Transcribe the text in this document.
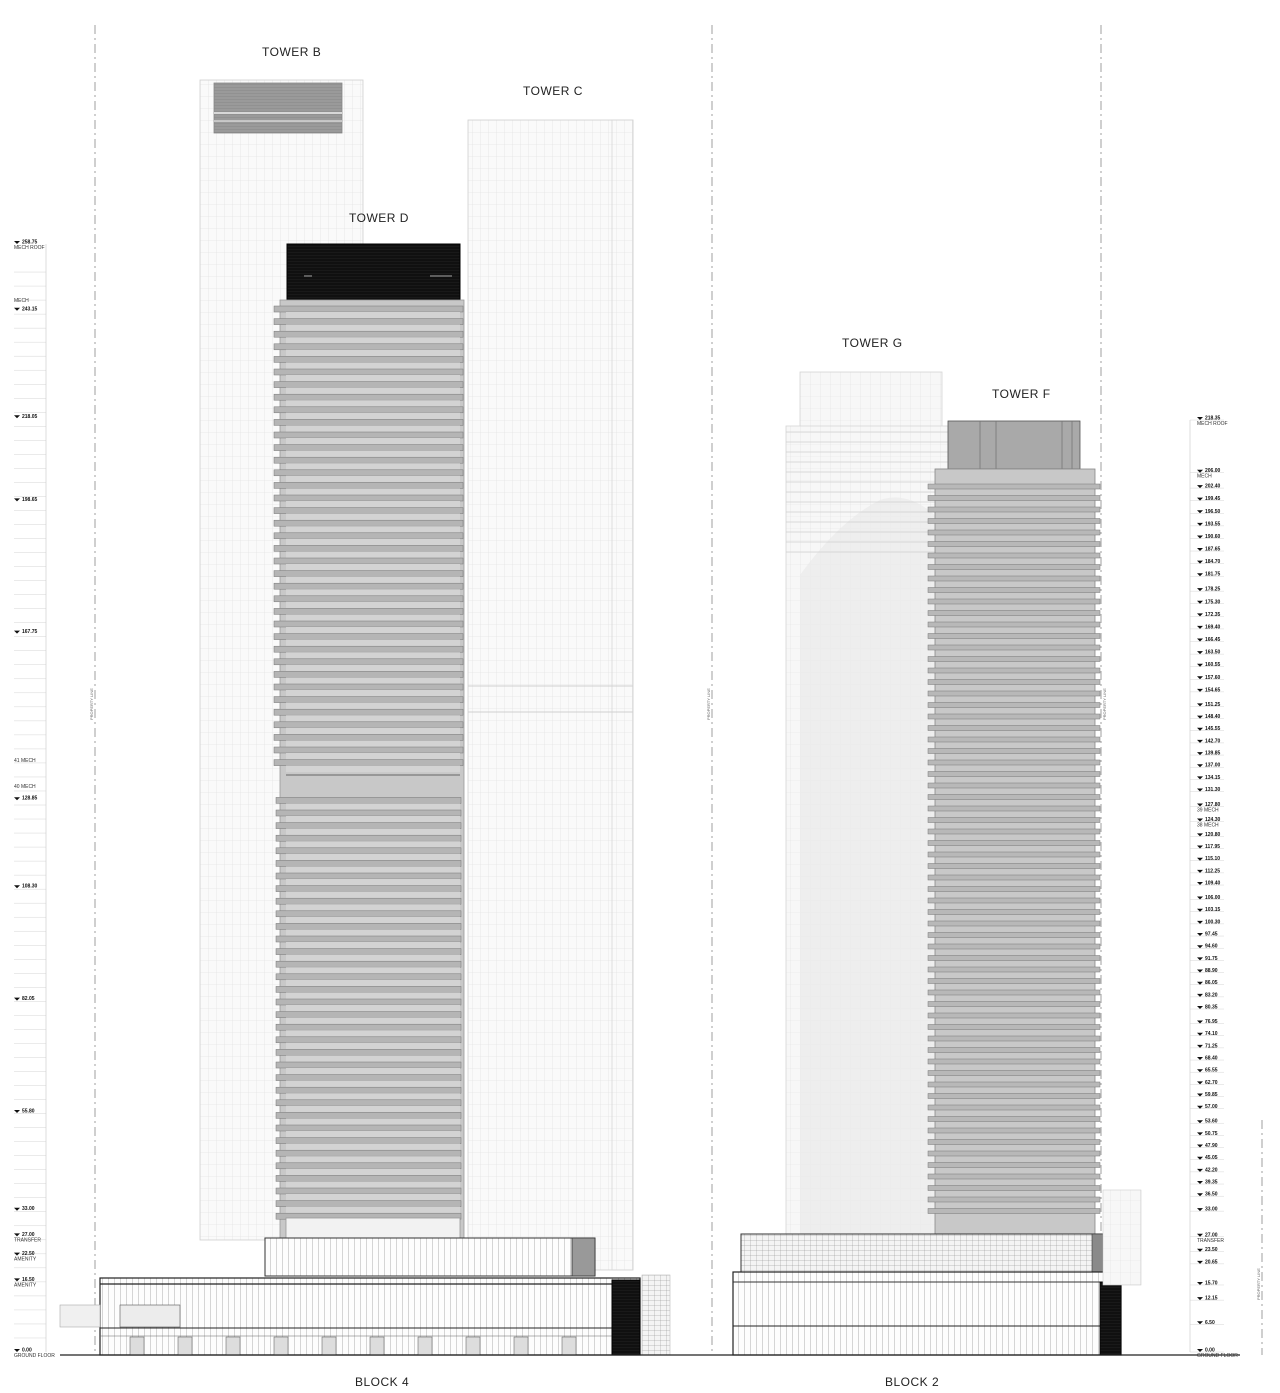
258.75
MECH ROOF
243.15
218.05
198.65
167.75
128.85
108.30
82.05
55.80
33.00
27.00
TRANSFER
22.50
AMENITY
16.50
AMENITY
0.00
GROUND FLOOR
MECH
41 MECH
40 MECH
218.35
MECH ROOF
206.00
MECH
202.40
199.45
196.50
193.55
190.60
187.65
184.70
181.75
178.25
175.30
172.35
169.40
166.45
163.50
160.55
157.60
154.65
151.25
148.40
145.55
142.70
139.85
137.00
134.15
131.30
127.80
39 MECH
124.30
38 MECH
120.80
117.95
115.10
112.25
109.40
106.00
103.15
100.30
97.45
94.60
91.75
88.90
86.05
83.20
80.35
76.95
74.10
71.25
68.40
65.55
62.70
59.85
57.00
53.60
50.75
47.90
45.05
42.20
39.35
36.50
33.00
27.00
TRANSFER
23.50
20.65
15.70
12.15
6.50
0.00
GROUND FLOOR
TOWER B
TOWER C
TOWER D
TOWER G
TOWER F
BLOCK 4	BLOCK 2
PROPERTY LINE	PROPERTY LINE	PROPERTY LINE
PROPERTY LINE
